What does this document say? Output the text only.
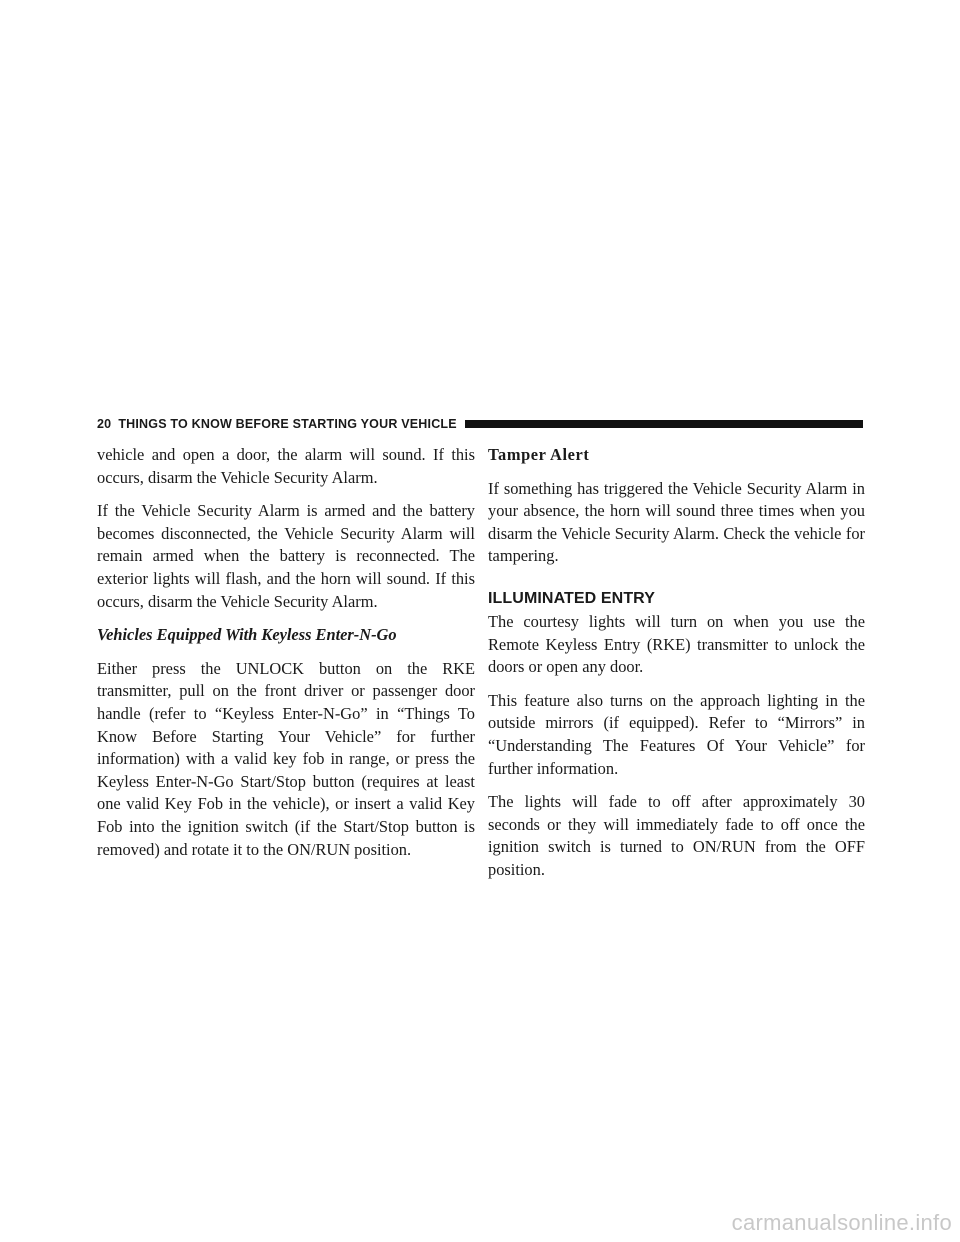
20 THINGS TO KNOW BEFORE STARTING YOUR VEHICLE

vehicle and open a door, the alarm will sound. If this occurs, disarm the Vehicle Security Alarm.

If the Vehicle Security Alarm is armed and the battery becomes disconnected, the Vehicle Security Alarm will remain armed when the battery is reconnected. The exterior lights will flash, and the horn will sound. If this occurs, disarm the Vehicle Security Alarm.

Vehicles Equipped With Keyless Enter-N-Go

Either press the UNLOCK button on the RKE transmitter, pull on the front driver or passenger door handle (refer to “Keyless Enter-N-Go” in “Things To Know Before Starting Your Vehicle” for further information) with a valid key fob in range, or press the Keyless Enter-N-Go Start/Stop button (requires at least one valid Key Fob in the vehicle), or insert a valid Key Fob into the ignition switch (if the Start/Stop button is removed) and rotate it to the ON/RUN position.

Tamper Alert

If something has triggered the Vehicle Security Alarm in your absence, the horn will sound three times when you disarm the Vehicle Security Alarm. Check the vehicle for tampering.

ILLUMINATED ENTRY

The courtesy lights will turn on when you use the Remote Keyless Entry (RKE) transmitter to unlock the doors or open any door.

This feature also turns on the approach lighting in the outside mirrors (if equipped). Refer to “Mirrors” in “Understanding The Features Of Your Vehicle” for further information.

The lights will fade to off after approximately 30 seconds or they will immediately fade to off once the ignition switch is turned to ON/RUN from the OFF position.

carmanualsonline.info
